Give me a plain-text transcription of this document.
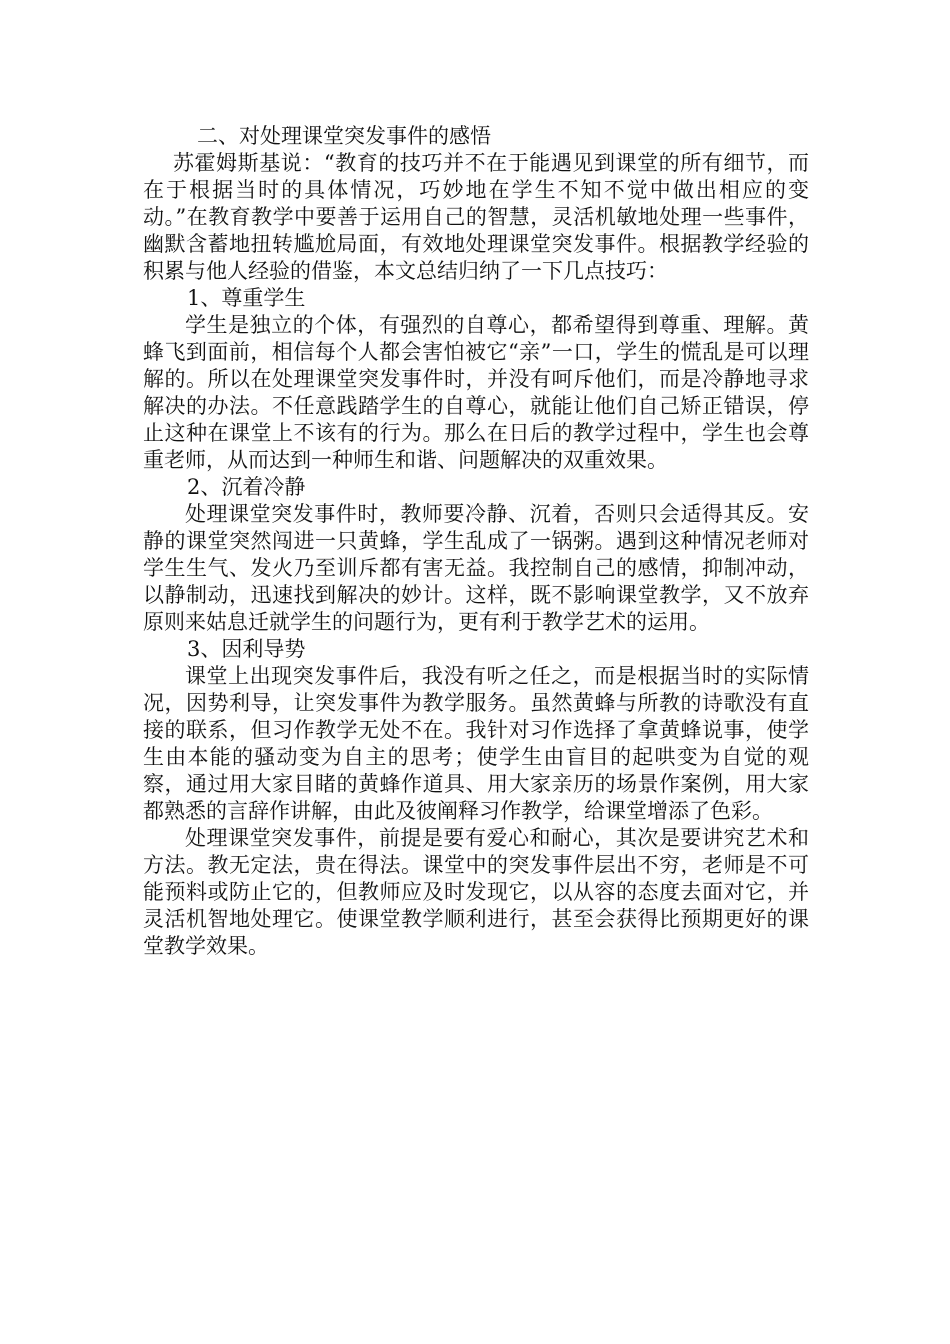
二、对处理课堂突发事件的感悟

苏霍姆斯基说：“教育的技巧并不在于能遇见到课堂的所有细节，而在于根据当时的具体情况，巧妙地在学生不知不觉中做出相应的变动。”在教育教学中要善于运用自己的智慧，灵活机敏地处理一些事件，幽默含蓄地扭转尴尬局面，有效地处理课堂突发事件。根据教学经验的积累与他人经验的借鉴，本文总结归纳了一下几点技巧：

1、尊重学生

学生是独立的个体，有强烈的自尊心，都希望得到尊重、理解。黄蜂飞到面前，相信每个人都会害怕被它“亲”一口，学生的慌乱是可以理解的。所以在处理课堂突发事件时，并没有呵斥他们，而是冷静地寻求解决的办法。不任意践踏学生的自尊心，就能让他们自己矫正错误，停止这种在课堂上不该有的行为。那么在日后的教学过程中，学生也会尊重老师，从而达到一种师生和谐、问题解决的双重效果。

2、沉着冷静

处理课堂突发事件时，教师要冷静、沉着，否则只会适得其反。安静的课堂突然闯进一只黄蜂，学生乱成了一锅粥。遇到这种情况老师对学生生气、发火乃至训斥都有害无益。我控制自己的感情，抑制冲动，以静制动，迅速找到解决的妙计。这样，既不影响课堂教学，又不放弃原则来姑息迁就学生的问题行为，更有利于教学艺术的运用。

3、因利导势

课堂上出现突发事件后，我没有听之任之，而是根据当时的实际情况，因势利导，让突发事件为教学服务。虽然黄蜂与所教的诗歌没有直接的联系，但习作教学无处不在。我针对习作选择了拿黄蜂说事，使学生由本能的骚动变为自主的思考；使学生由盲目的起哄变为自觉的观察，通过用大家目睹的黄蜂作道具、用大家亲历的场景作案例，用大家都熟悉的言辞作讲解，由此及彼阐释习作教学，给课堂增添了色彩。

处理课堂突发事件，前提是要有爱心和耐心，其次是要讲究艺术和方法。教无定法，贵在得法。课堂中的突发事件层出不穷，老师是不可能预料或防止它的，但教师应及时发现它，以从容的态度去面对它，并灵活机智地处理它。使课堂教学顺利进行，甚至会获得比预期更好的课堂教学效果。
